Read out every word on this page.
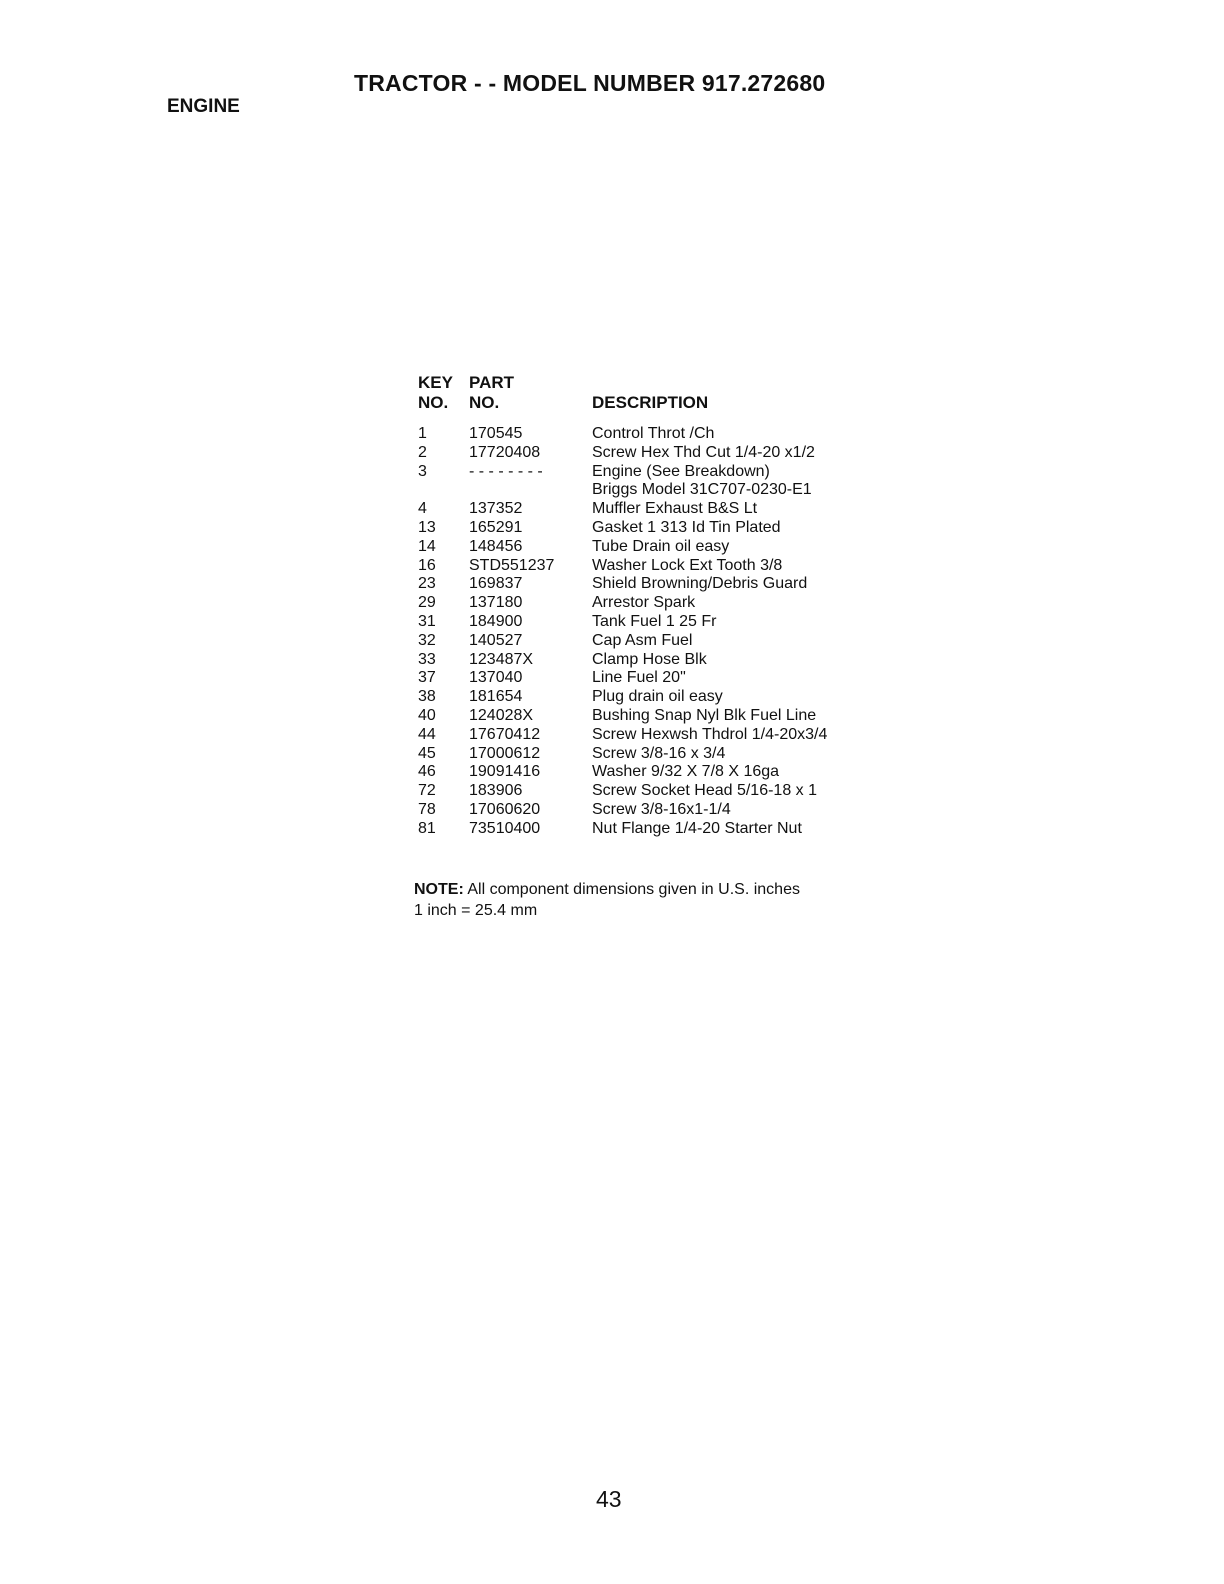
TRACTOR - - MODEL NUMBER 917.272680
ENGINE
KEY	PART	
NO.	NO.	DESCRIPTION

1	170545	Control Throt /Ch

2	17720408	Screw Hex Thd Cut 1/4-20 x1/2

3	- - - - - - - -	Engine (See Breakdown)
Briggs Model 31C707-0230-E1

4	137352	Muffler Exhaust B&S Lt

13	165291	Gasket 1 313 Id Tin Plated

14	148456	Tube Drain oil easy

16	STD551237	Washer Lock Ext Tooth 3/8

23	169837	Shield Browning/Debris Guard

29	137180	Arrestor Spark

31	184900	Tank Fuel 1 25 Fr

32	140527	Cap Asm Fuel

33	123487X	Clamp Hose Blk

37	137040	Line Fuel 20"

38	181654	Plug drain oil easy

40	124028X	Bushing Snap Nyl Blk Fuel Line

44	17670412	Screw Hexwsh Thdrol 1/4-20x3/4

45	17000612	Screw 3/8-16 x 3/4

46	19091416	Washer 9/32 X 7/8 X 16ga

72	183906	Screw Socket Head 5/16-18 x 1

78	17060620	Screw 3/8-16x1-1/4

81	73510400	Nut Flange 1/4-20 Starter Nut
NOTE: All component dimensions given in U.S. inches
1 inch = 25.4 mm
43
